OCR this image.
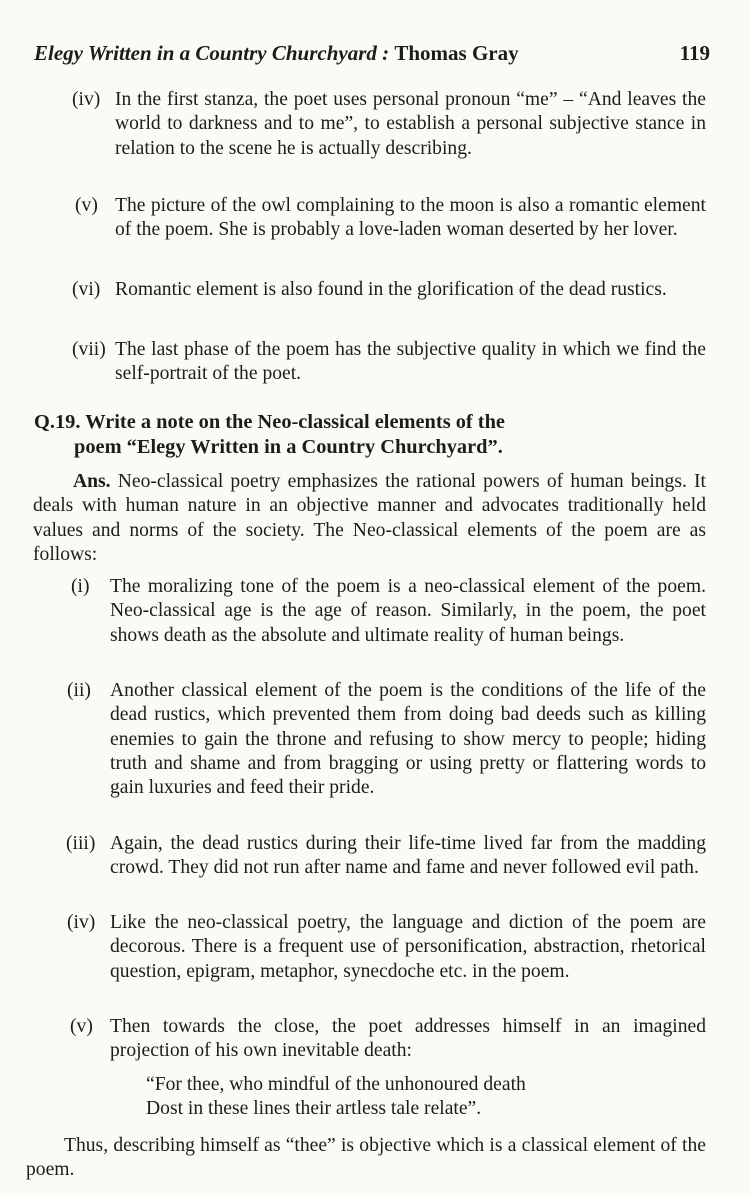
Elegy Written in a Country Churchyard : Thomas Gray	119
(iv) In the first stanza, the poet uses personal pronoun “me” – “And leaves the world to darkness and to me”, to establish a personal subjective stance in relation to the scene he is actually describing.
(v) The picture of the owl complaining to the moon is also a romantic element of the poem. She is probably a love-laden woman deserted by her lover.
(vi) Romantic element is also found in the glorification of the dead rustics.
(vii) The last phase of the poem has the subjective quality in which we find the self-portrait of the poet.
Q.19. Write a note on the Neo-classical elements of the
poem “Elegy Written in a Country Churchyard”.
Ans. Neo-classical poetry emphasizes the rational powers of human beings. It deals with human nature in an objective manner and advocates traditionally held values and norms of the society. The Neo-classical elements of the poem are as follows:
(i) The moralizing tone of the poem is a neo-classical element of the poem. Neo-classical age is the age of reason. Similarly, in the poem, the poet shows death as the absolute and ultimate reality of human beings.
(ii) Another classical element of the poem is the conditions of the life of the dead rustics, which prevented them from doing bad deeds such as killing enemies to gain the throne and refusing to show mercy to people; hiding truth and shame and from bragging or using pretty or flattering words to gain luxuries and feed their pride.
(iii) Again, the dead rustics during their life-time lived far from the madding crowd. They did not run after name and fame and never followed evil path.
(iv) Like the neo-classical poetry, the language and diction of the poem are decorous. There is a frequent use of personification, abstraction, rhetorical question, epigram, metaphor, synecdoche etc. in the poem.
(v) Then towards the close, the poet addresses himself in an imagined projection of his own inevitable death:
“For thee, who mindful of the unhonoured death
Dost in these lines their artless tale relate”.
Thus, describing himself as “thee” is objective which is a classical element of the poem.
